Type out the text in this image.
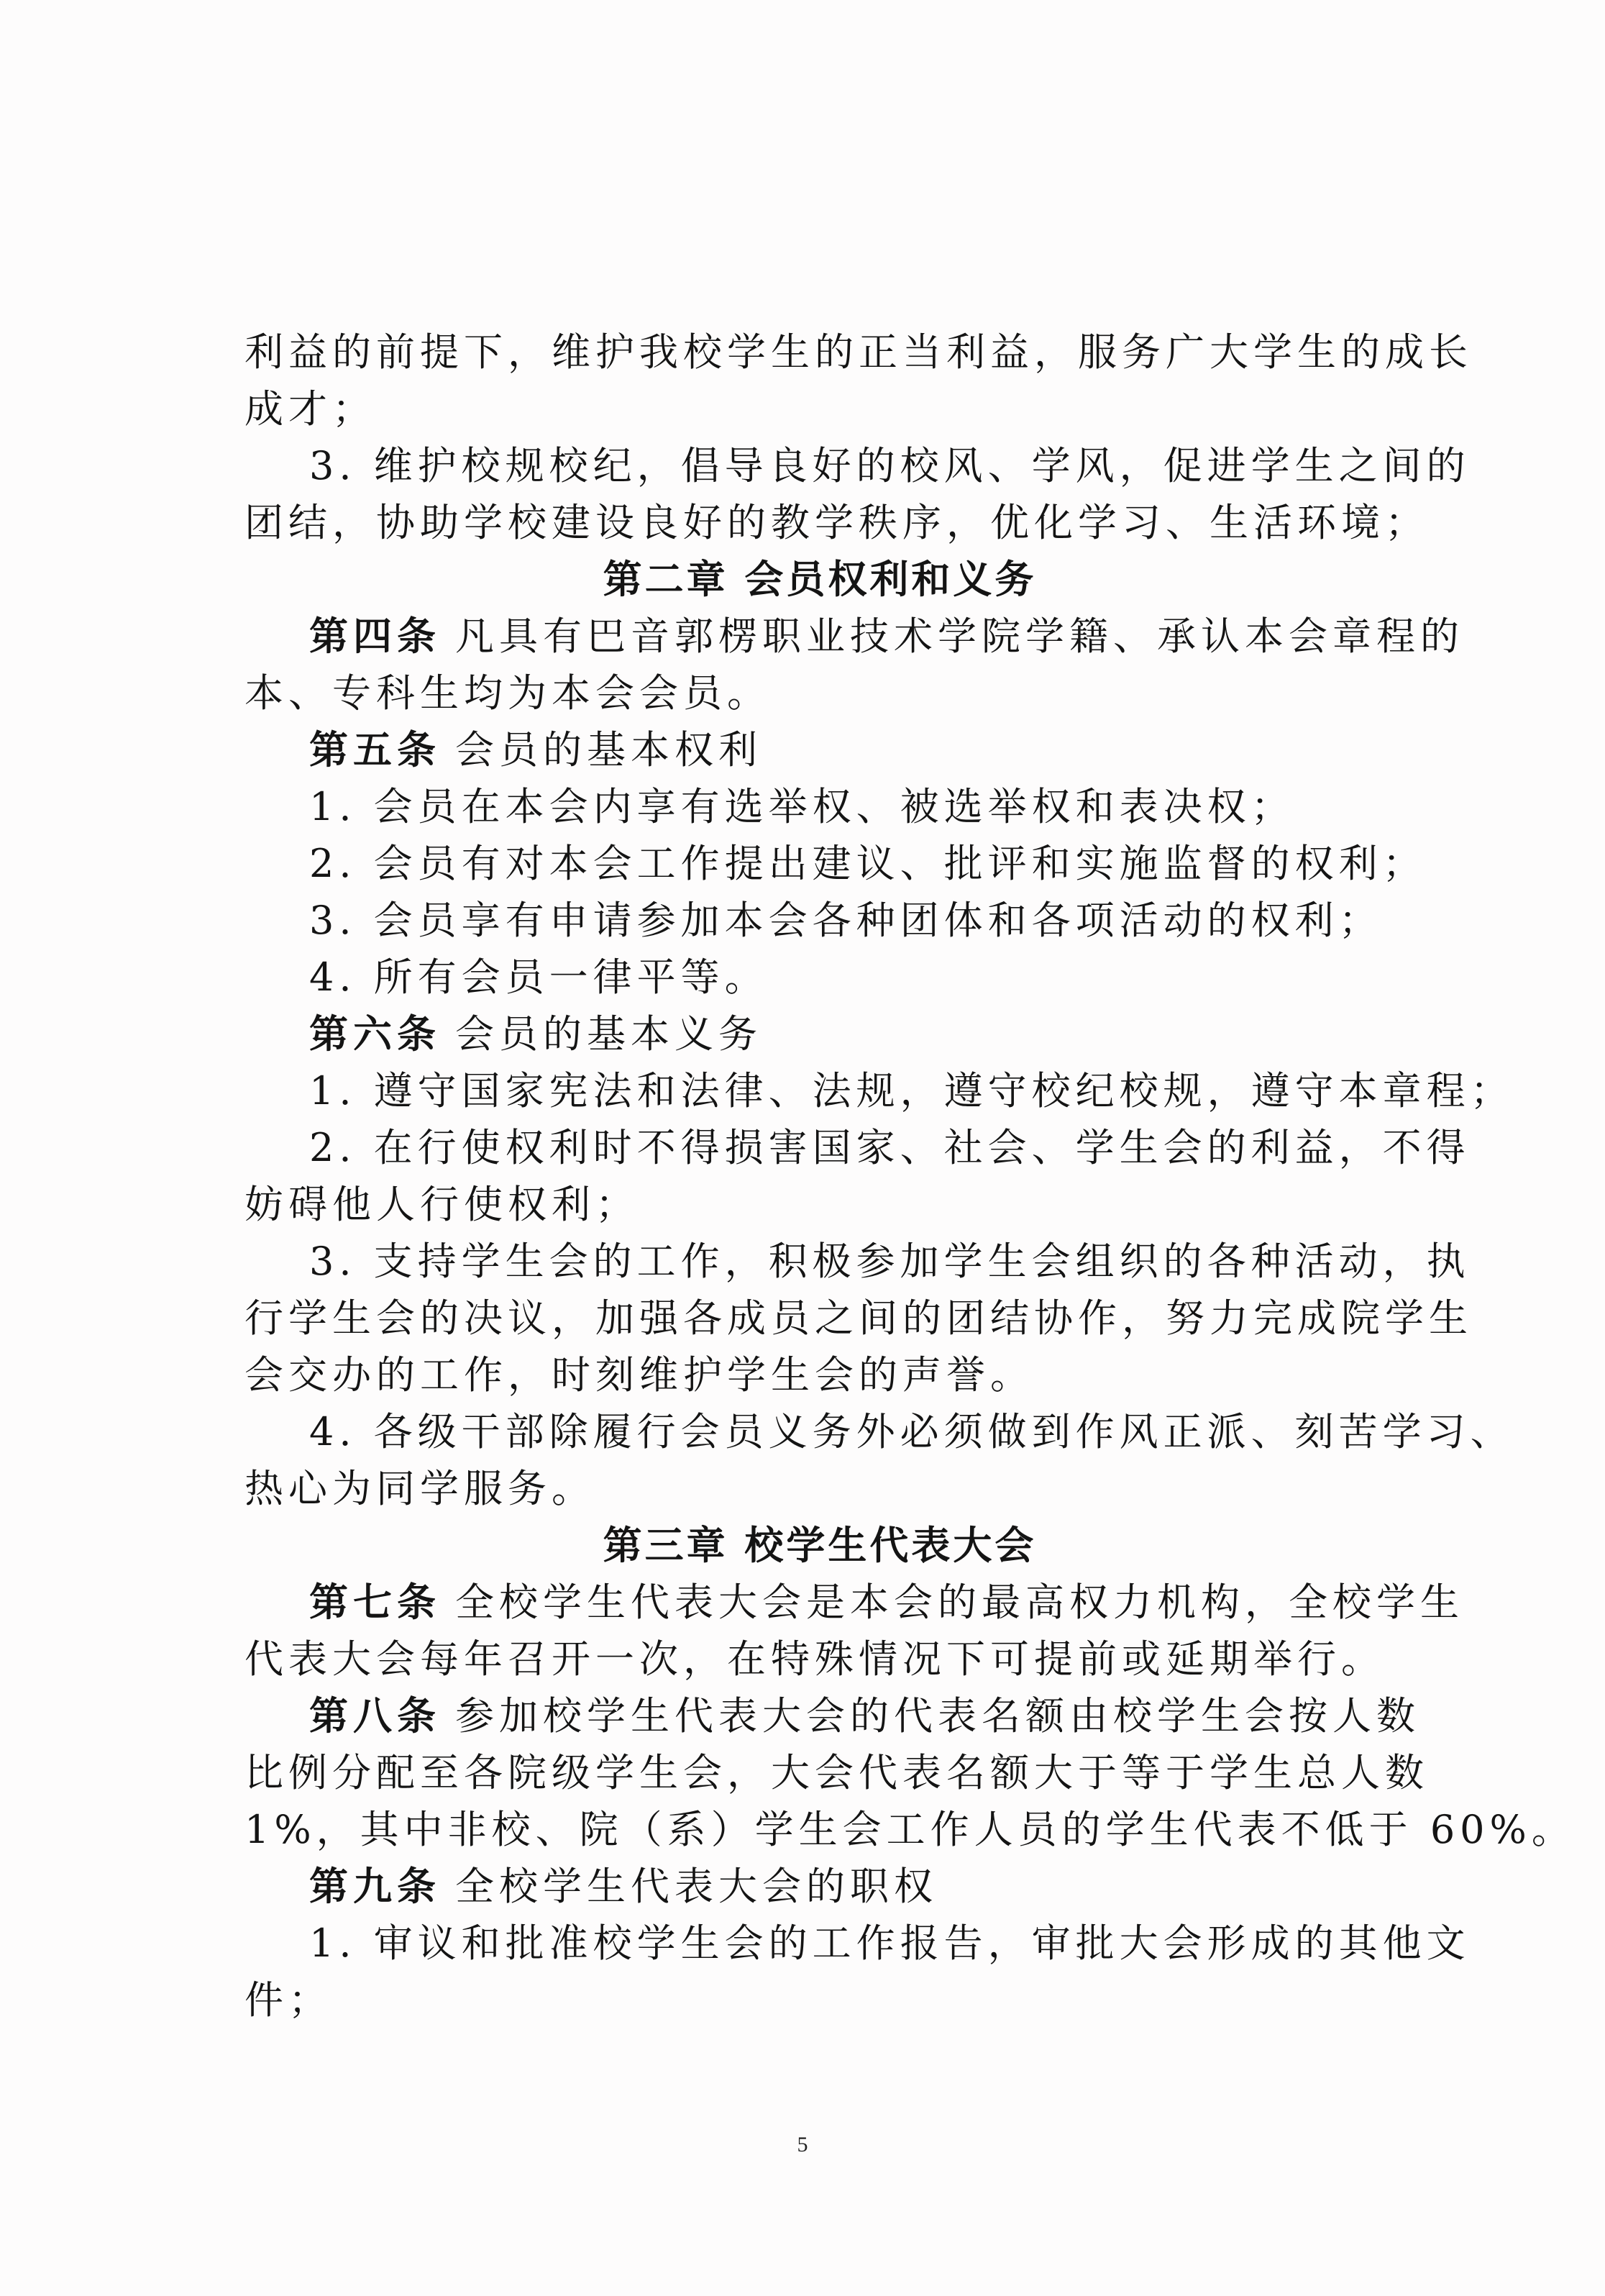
利益的前提下，维护我校学生的正当利益，服务广大学生的成长
成才；
3. 维护校规校纪，倡导良好的校风、学风，促进学生之间的
团结，协助学校建设良好的教学秩序，优化学习、生活环境；
第二章 会员权利和义务
第四条 凡具有巴音郭楞职业技术学院学籍、承认本会章程的
本、专科生均为本会会员。
第五条 会员的基本权利
1. 会员在本会内享有选举权、被选举权和表决权；
2. 会员有对本会工作提出建议、批评和实施监督的权利；
3. 会员享有申请参加本会各种团体和各项活动的权利；
4. 所有会员一律平等。
第六条 会员的基本义务
1. 遵守国家宪法和法律、法规，遵守校纪校规，遵守本章程；
2. 在行使权利时不得损害国家、社会、学生会的利益，不得
妨碍他人行使权利；
3. 支持学生会的工作，积极参加学生会组织的各种活动，执
行学生会的决议，加强各成员之间的团结协作，努力完成院学生
会交办的工作，时刻维护学生会的声誉。
4. 各级干部除履行会员义务外必须做到作风正派、刻苦学习、
热心为同学服务。
第三章 校学生代表大会
第七条 全校学生代表大会是本会的最高权力机构，全校学生
代表大会每年召开一次，在特殊情况下可提前或延期举行。
第八条 参加校学生代表大会的代表名额由校学生会按人数
比例分配至各院级学生会，大会代表名额大于等于学生总人数
1%，其中非校、院（系）学生会工作人员的学生代表不低于 60%。
第九条 全校学生代表大会的职权
1. 审议和批准校学生会的工作报告，审批大会形成的其他文
件；
5
